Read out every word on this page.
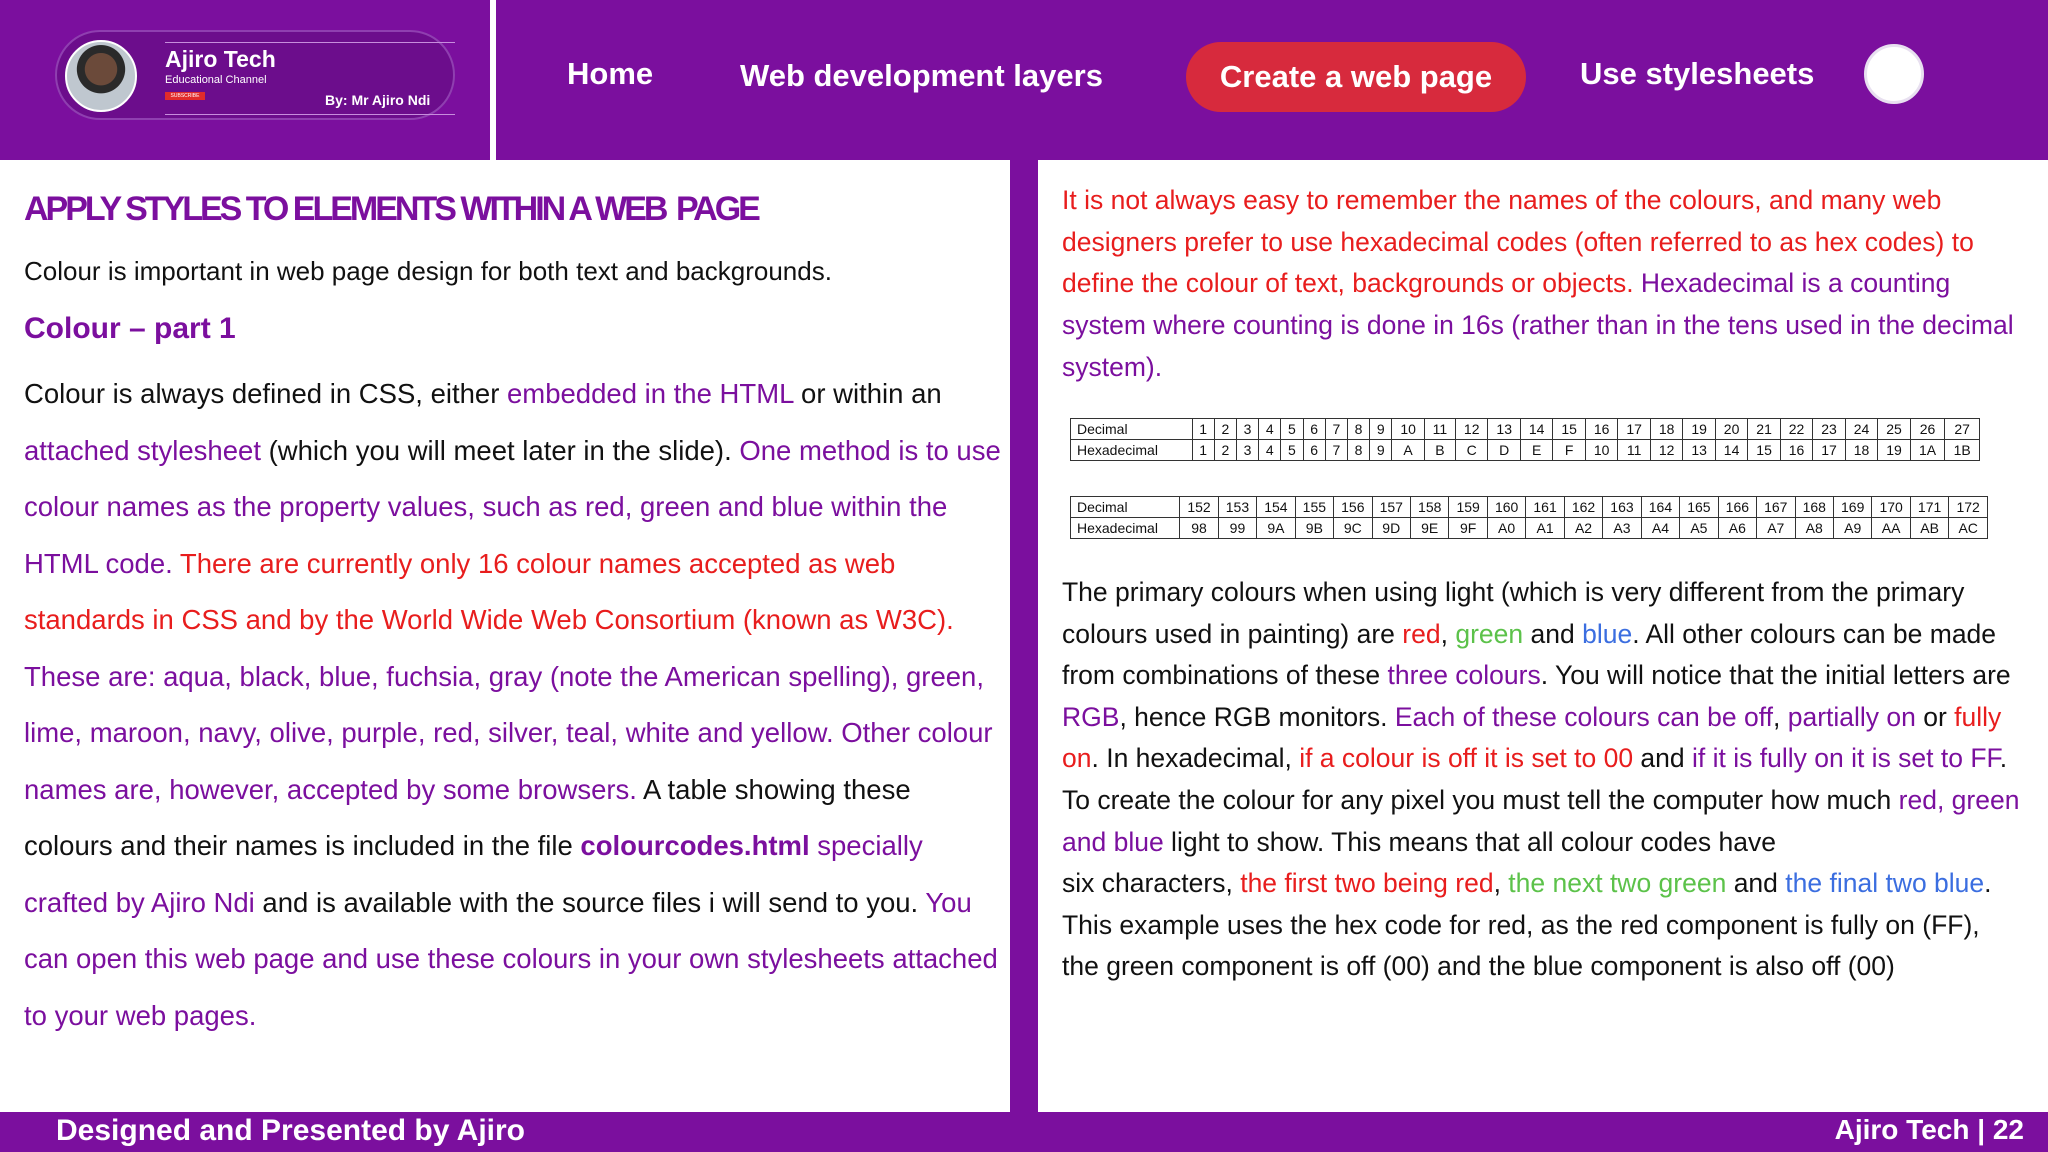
Ajiro Tech
Educational Channel
SUBSCRIBE	By: Mr Ajiro Ndi
Home	Web development layers	Create a web page	Use stylesheets
APPLY STYLES TO ELEMENTS WITHIN A WEB PAGE
Colour is important in web page design for both text and backgrounds.
Colour – part 1
Colour is always defined in CSS, either embedded in the HTML or within an attached stylesheet (which you will meet later in the slide). One method is to use colour names as the property values, such as red, green and blue within the HTML code. There are currently only 16 colour names accepted as web standards in CSS and by the World Wide Web Consortium (known as W3C). These are: aqua, black, blue, fuchsia, gray (note the American spelling), green, lime, maroon, navy, olive, purple, red, silver, teal, white and yellow. Other colour names are, however, accepted by some browsers. A table showing these colours and their names is included in the file colourcodes.html specially crafted by Ajiro Ndi and is available with the source files i will send to you. You can open this web page and use these colours in your own stylesheets attached to your web pages.
It is not always easy to remember the names of the colours, and many web designers prefer to use hexadecimal codes (often referred to as hex codes) to define the colour of text, backgrounds or objects. Hexadecimal is a counting system where counting is done in 16s (rather than in the tens used in the decimal system).
Decimal	1	2	3	4	5	6	7	8	9	10	11	12	13	14	15	16	17	18	19	20	21	22	23	24	25	26	27
Hexadecimal	1	2	3	4	5	6	7	8	9	A	B	C	D	E	F	10	11	12	13	14	15	16	17	18	19	1A	1B
Decimal	152	153	154	155	156	157	158	159	160	161	162	163	164	165	166	167	168	169	170	171	172
Hexadecimal	98	99	9A	9B	9C	9D	9E	9F	A0	A1	A2	A3	A4	A5	A6	A7	A8	A9	AA	AB	AC
The primary colours when using light (which is very different from the primary colours used in painting) are red, green and blue. All other colours can be made from combinations of these three colours. You will notice that the initial letters are RGB, hence RGB monitors. Each of these colours can be off, partially on or fully on. In hexadecimal, if a colour is off it is set to 00 and if it is fully on it is set to FF. To create the colour for any pixel you must tell the computer how much red, green and blue light to show. This means that all colour codes have
six characters, the first two being red, the next two green and the final two blue.
This example uses the hex code for red, as the red component is fully on (FF),
the green component is off (00) and the blue component is also off (00)
Designed and Presented by Ajiro	Ajiro Tech | 22
